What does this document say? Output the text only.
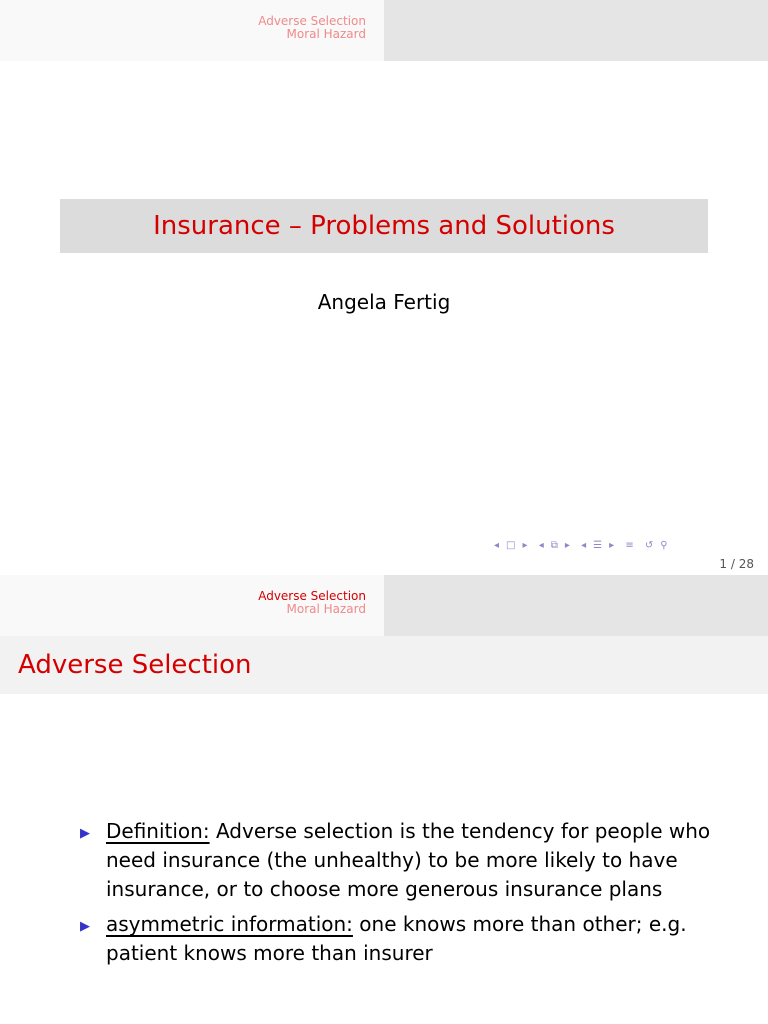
Adverse Selection
Moral Hazard
Insurance – Problems and Solutions
Angela Fertig
◂ □ ▸ ◂ ⧉ ▸ ◂ ☰ ▸ ≡ ↺ ⚲
1 / 28
Adverse Selection
Moral Hazard
Adverse Selection
▶ Definition: Adverse selection is the tendency for people who need insurance (the unhealthy) to be more likely to have insurance, or to choose more generous insurance plans
▶ asymmetric information: one knows more than other; e.g. patient knows more than insurer
